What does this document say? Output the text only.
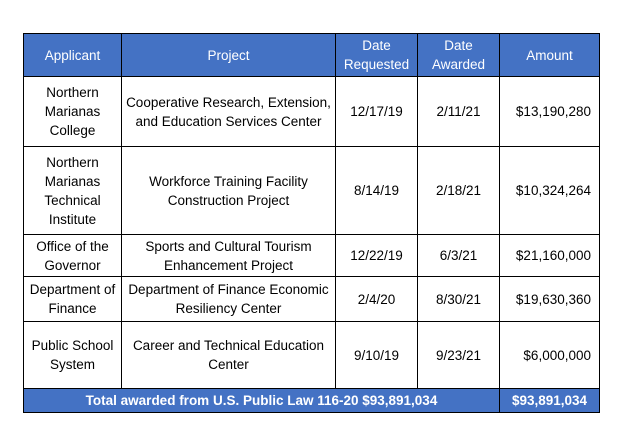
Applicant	Project	Date Requested	Date Awarded	Amount
Northern Marianas College	Cooperative Research, Extension, and Education Services Center	12/17/19	2/11/21	$13,190,280
Northern Marianas Technical Institute	Workforce Training Facility Construction Project	8/14/19	2/18/21	$10,324,264
Office of the Governor	Sports and Cultural Tourism Enhancement Project	12/22/19	6/3/21	$21,160,000
Department of Finance	Department of Finance Economic Resiliency Center	2/4/20	8/30/21	$19,630,360
Public School System	Career and Technical Education Center	9/10/19	9/23/21	$6,000,000
Total awarded from U.S. Public Law 116-20 $93,891,034				$93,891,034
